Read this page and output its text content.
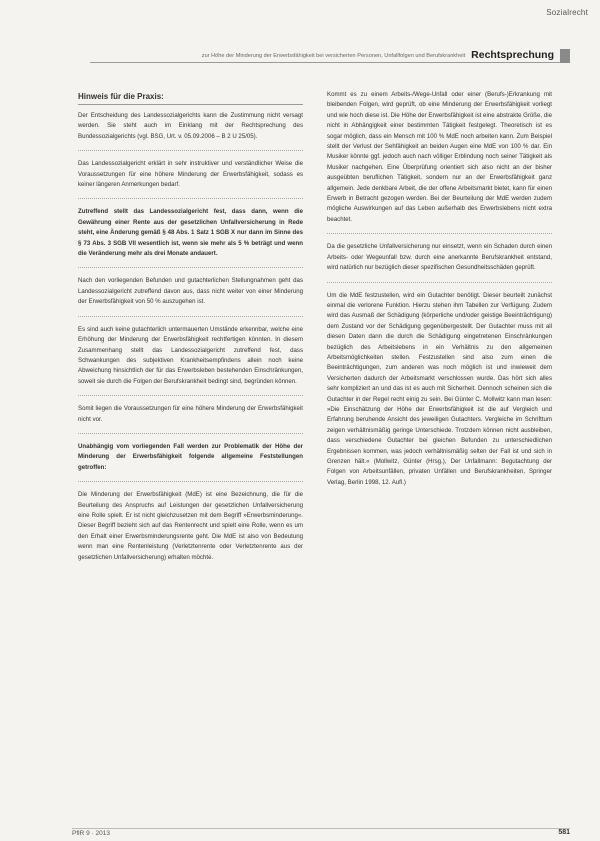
Sozialrecht
zur Höhe der Minderung der Erwerbsfähigkeit bei versicherten Personen, Unfallfolgen und Berufskrankheit Rechtsprechung
Hinweis für die Praxis:

Der Entscheidung des Landessozialgerichts kann die Zustimmung nicht versagt werden. Sie steht auch im Einklang mit der Rechtsprechung des Bundessozialgerichts (vgl. BSG, Urt. v. 05.09.2006 – B 2 U 25/05).

Das Landessozialgericht erklärt in sehr instruktiver und verständlicher Weise die Voraussetzungen für eine höhere Minderung der Erwerbsfähigkeit, sodass es keiner längeren Anmerkungen bedarf.

Zutreffend stellt das Landessozialgericht fest, dass dann, wenn die Gewährung einer Rente aus der gesetzlichen Unfallversicherung in Rede steht, eine Änderung gemäß § 48 Abs. 1 Satz 1 SGB X nur dann im Sinne des § 73 Abs. 3 SGB VII wesentlich ist, wenn sie mehr als 5 % beträgt und wenn die Veränderung mehr als drei Monate andauert.

Nach den vorliegenden Befunden und gutachterlichen Stellungnahmen geht das Landessozialgericht zutreffend davon aus, dass nicht weiter von einer Minderung der Erwerbsfähigkeit von 50 % auszugehen ist.

Es sind auch keine gutachterlich untermauerten Umstände erkennbar, welche eine Erhöhung der Minderung der Erwerbsfähigkeit rechtfertigen könnten. In diesem Zusammenhang stellt das Landessozialgericht zutreffend fest, dass Schwankungen des subjektiven Krankheitsempfindens allein noch keine Abweichung hinsichtlich der für das Erwerbsleben bestehenden Einschränkungen, soweit sie durch die Folgen der Berufskrankheit bedingt sind, begründen können.

Somit liegen die Voraussetzungen für eine höhere Minderung der Erwerbsfähigkeit nicht vor.

Unabhängig vom vorliegenden Fall werden zur Problematik der Höhe der Minderung der Erwerbsfähigkeit folgende allgemeine Feststellungen getroffen:

Die Minderung der Erwerbsfähigkeit (MdE) ist eine Bezeichnung, die für die Beurteilung des Anspruchs auf Leistungen der gesetzlichen Unfallversicherung eine Rolle spielt. Er ist nicht gleichzusetzen mit dem Begriff »Erwerbsminderung«. Dieser Begriff bezieht sich auf das Rentenrecht und spielt eine Rolle, wenn es um den Erhalt einer Erwerbsminderungsrente geht. Die MdE ist also von Bedeutung wenn man eine Rentenleistung (Verletztenrente oder Verletztenrente aus der gesetzlichen Unfallversicherung) erhalten möchte.

Kommt es zu einem Arbeits-/Wege-Unfall oder einer (Berufs-)Erkrankung mit bleibenden Folgen, wird geprüft, ob eine Minderung der Erwerbsfähigkeit vorliegt und wie hoch diese ist. Die Höhe der Erwerbsfähigkeit ist eine abstrakte Größe, die nicht in Abhängigkeit einer bestimmten Tätigkeit festgelegt. Theoretisch ist es sogar möglich, dass ein Mensch mit 100 % MdE noch arbeiten kann. Zum Beispiel stellt der Verlust der Sehfähigkeit an beiden Augen eine MdE von 100 % dar. Ein Musiker könnte ggf. jedoch auch nach völliger Erblindung noch seiner Tätigkeit als Musiker nachgehen. Eine Überprüfung orientiert sich also nicht an der bisher ausgeübten beruflichen Tätigkeit, sondern nur an der Erwerbsfähigkeit ganz allgemein. Jede denkbare Arbeit, die der offene Arbeitsmarkt bietet, kann für einen Erwerb in Betracht gezogen werden. Bei der Beurteilung der MdE werden zudem mögliche Auswirkungen auf das Leben außerhalb des Erwerbslebens nicht extra beachtet.

Da die gesetzliche Unfallversicherung nur einsetzt, wenn ein Schaden durch einen Arbeits- oder Wegeunfall bzw. durch eine anerkannte Berufskrankheit entstand, wird natürlich nur bezüglich dieser spezifischen Gesundheitsschäden geprüft.

Um die MdE festzustellen, wird ein Gutachter benötigt. Dieser beurteilt zunächst einmal die verlorene Funktion. Hierzu stehen ihm Tabellen zur Verfügung. Zudem wird das Ausmaß der Schädigung (körperliche und/oder geistige Beeinträchtigung) dem Zustand vor der Schädigung gegenübergestellt. Der Gutachter muss mit all diesen Daten dann die durch die Schädigung eingetretenen Einschränkungen bezüglich des Arbeitslebens in ein Verhältnis zu den allgemeinen Arbeitsmöglichkeiten stellen. Festzustellen sind also zum einen die Beeinträchtigungen, zum anderen was noch möglich ist und inwieweit dem Versicherten dadurch der Arbeitsmarkt verschlossen wurde. Das hört sich alles sehr kompliziert an und das ist es auch mit Sicherheit. Dennoch scheinen sich die Gutachter in der Regel recht einig zu sein. Bei Günter C. Mollwitz kann man lesen: »Die Einschätzung der Höhe der Erwerbsfähigkeit ist die auf Vergleich und Erfahrung beruhende Ansicht des jeweiligen Gutachters. Vergleiche im Schrifttum zeigen verhältnismäßig geringe Unterschiede. Trotzdem können nicht ausbleiben, dass verschiedene Gutachter bei gleichen Befunden zu unterschiedlichen Ergebnissen kommen, was jedoch verhältnismäßig selten der Fall ist und sich in Grenzen hält.« (Mollwitz, Günter (Hrsg.), Der Unfallmann: Begutachtung der Folgen von Arbeitsunfällen, privaten Unfällen und Berufskrankheiten, Springer Verlag, Berlin 1998, 12. Aufl.)

PflR 9 · 2013	581
